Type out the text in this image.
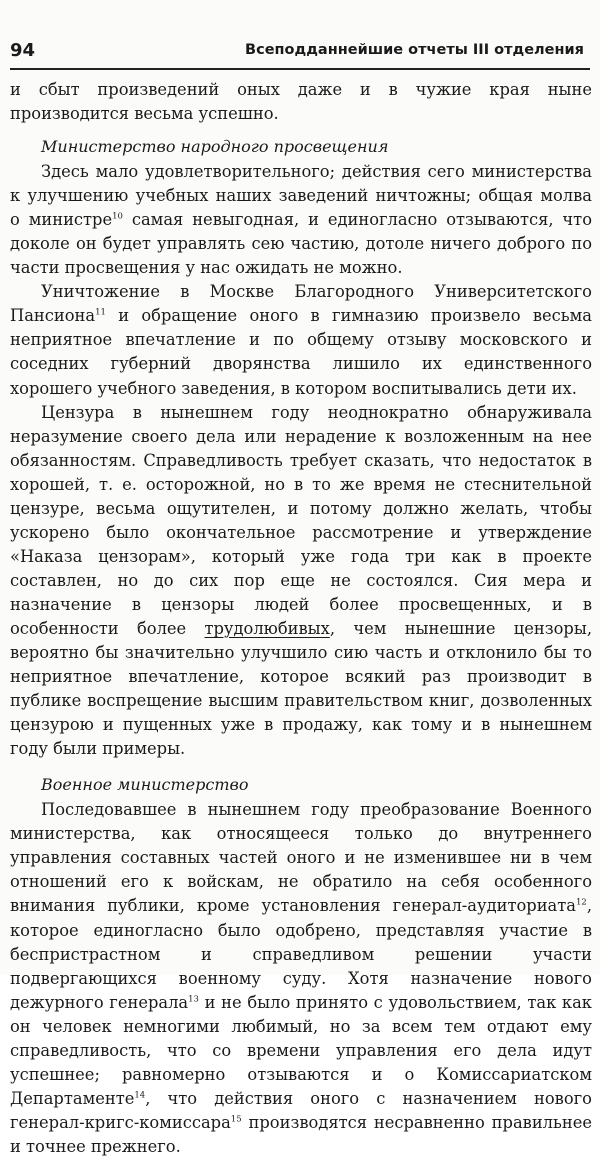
94	Всеподданнейшие отчеты III отделения

и сбыт произведений оных даже и в чужие края ныне производится весьма успешно.

Министерство народного просвещения

Здесь мало удовлетворительного; действия сего министерства к улучшению учебных наших заведений ничтожны; общая молва о министре$^{10}$ самая невыгодная, и единогласно отзываются, что доколе он будет управлять сею частию, дотоле ничего доброго по части просвещения у нас ожидать не можно.

Уничтожение в Москве Благородного Университетского Пансиона$^{11}$ и обращение оного в гимназию произвело весьма неприятное впечатление и по общему отзыву московского и соседних губерний дворянства лишило их единственного хорошего учебного заведения, в котором воспитывались дети их.

Цензура в нынешнем году неоднократно обнаруживала неразумение своего дела или нерадение к возложенным на нее обязанностям. Справедливость требует сказать, что недостаток в хорошей, т. е. осторожной, но в то же время не стеснительной цензуре, весьма ощутителен, и потому должно желать, чтобы ускорено было окончательное рассмотрение и утверждение «Наказа цензорам», который уже года три как в проекте составлен, но до сих пор еще не состоялся. Сия мера и назначение в цензоры людей более просвещенных, и в особенности более трудолюбивых, чем нынешние цензоры, вероятно бы значительно улучшило сию часть и отклонило бы то неприятное впечатление, которое всякий раз производит в публике воспрещение высшим правительством книг, дозволенных цензурою и пущенных уже в продажу, как тому и в нынешнем году были примеры.

Военное министерство

Последовавшее в нынешнем году преобразование Военного министерства, как относящееся только до внутреннего управления составных частей оного и не изменившее ни в чем отношений его к войскам, не обратило на себя особенного внимания публики, кроме установления генерал-аудиториата$^{12}$, которое единогласно было одобрено, представляя участие в беспристрастном и справедливом решении участи подвергающихся военному суду. Хотя назначение нового дежурного генерала$^{13}$ и не было принято с удовольствием, так как он человек немногими любимый, но за всем тем отдают ему справедливость, что со времени управления его дела идут успешнее; равномерно отзываются и о Комиссариатском Департаменте$^{14}$, что действия оного с назначением нового генерал-кригс-комиссара$^{15}$ производятся несравненно правильнее и точнее прежнего.
